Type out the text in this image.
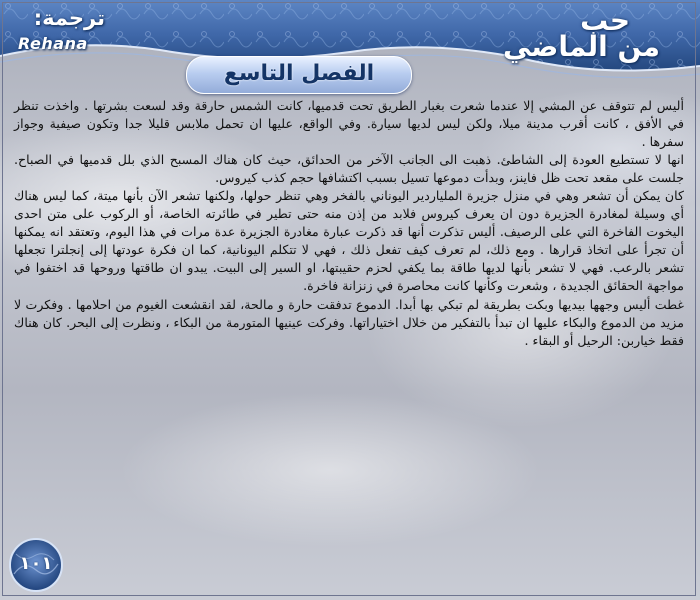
ترجمة:
Rehana
حب
من الماضي
الفصل التاسع

أليس لم تتوقف عن المشي إلا عندما شعرت بغبار الطريق تحت قدميها، كانت الشمس حارقة وقد لسعت بشرتها . واخذت تنظر في الأفق ، كانت أقرب مدينة ميلا، ولكن ليس لديها سيارة. وفي الواقع، عليها ان تحمل ملابس قليلا جدا وتكون صيفية وجواز سفرها .

انها لا تستطيع العودة إلى الشاطئ. ذهبت الى الجانب الآخر من الحدائق، حيث كان هناك المسبح الذي بلل قدميها في الصباح. جلست على مقعد تحت ظل فاينز، وبدأت دموعها تسيل بسبب اكتشافها حجم كذب كيروس.

كان يمكن أن تشعر وهي في منزل جزيرة الملياردير اليوناني بالفخر وهي تنظر حولها، ولكنها تشعر الآن بأنها ميتة، كما ليس هناك أي وسيلة لمغادرة الجزيرة دون ان يعرف كيروس فلابد من إذن منه حتى تطير في طائرته الخاصة، أو الركوب على متن احدى اليخوت الفاخرة التي على الرصيف. أليس تذكرت أنها قد ذكرت عبارة مغادرة الجزيرة عدة مرات في هذا اليوم، وتعتقد انه يمكنها أن تجرأ على اتخاذ قرارها . ومع ذلك، لم تعرف كيف تفعل ذلك ، فهي لا تتكلم اليونانية، كما ان فكرة عودتها إلى إنجلترا تجعلها تشعر بالرعب. فهي لا تشعر بأنها لديها طاقة بما يكفي لحزم حقيبتها، او السير إلى البيت. يبدو ان طاقتها وروحها قد اختفوا في مواجهة الحقائق الجديدة ، وشعرت وكأنها كانت محاصرة في زنزانة فاخرة.

غطت أليس وجهها بيديها وبكت بطريقة لم تبكي بها أبدا. الدموع تدفقت حارة و مالحة، لقد انقشعت الغيوم من احلامها . وفكرت لا مزيد من الدموع والبكاء عليها ان تبدأ بالتفكير من خلال اختياراتها. وفركت عينيها المتورمة من البكاء ، ونظرت إلى البحر. كان هناك فقط خياربن: الرحيل أو البقاء .

١٠١
